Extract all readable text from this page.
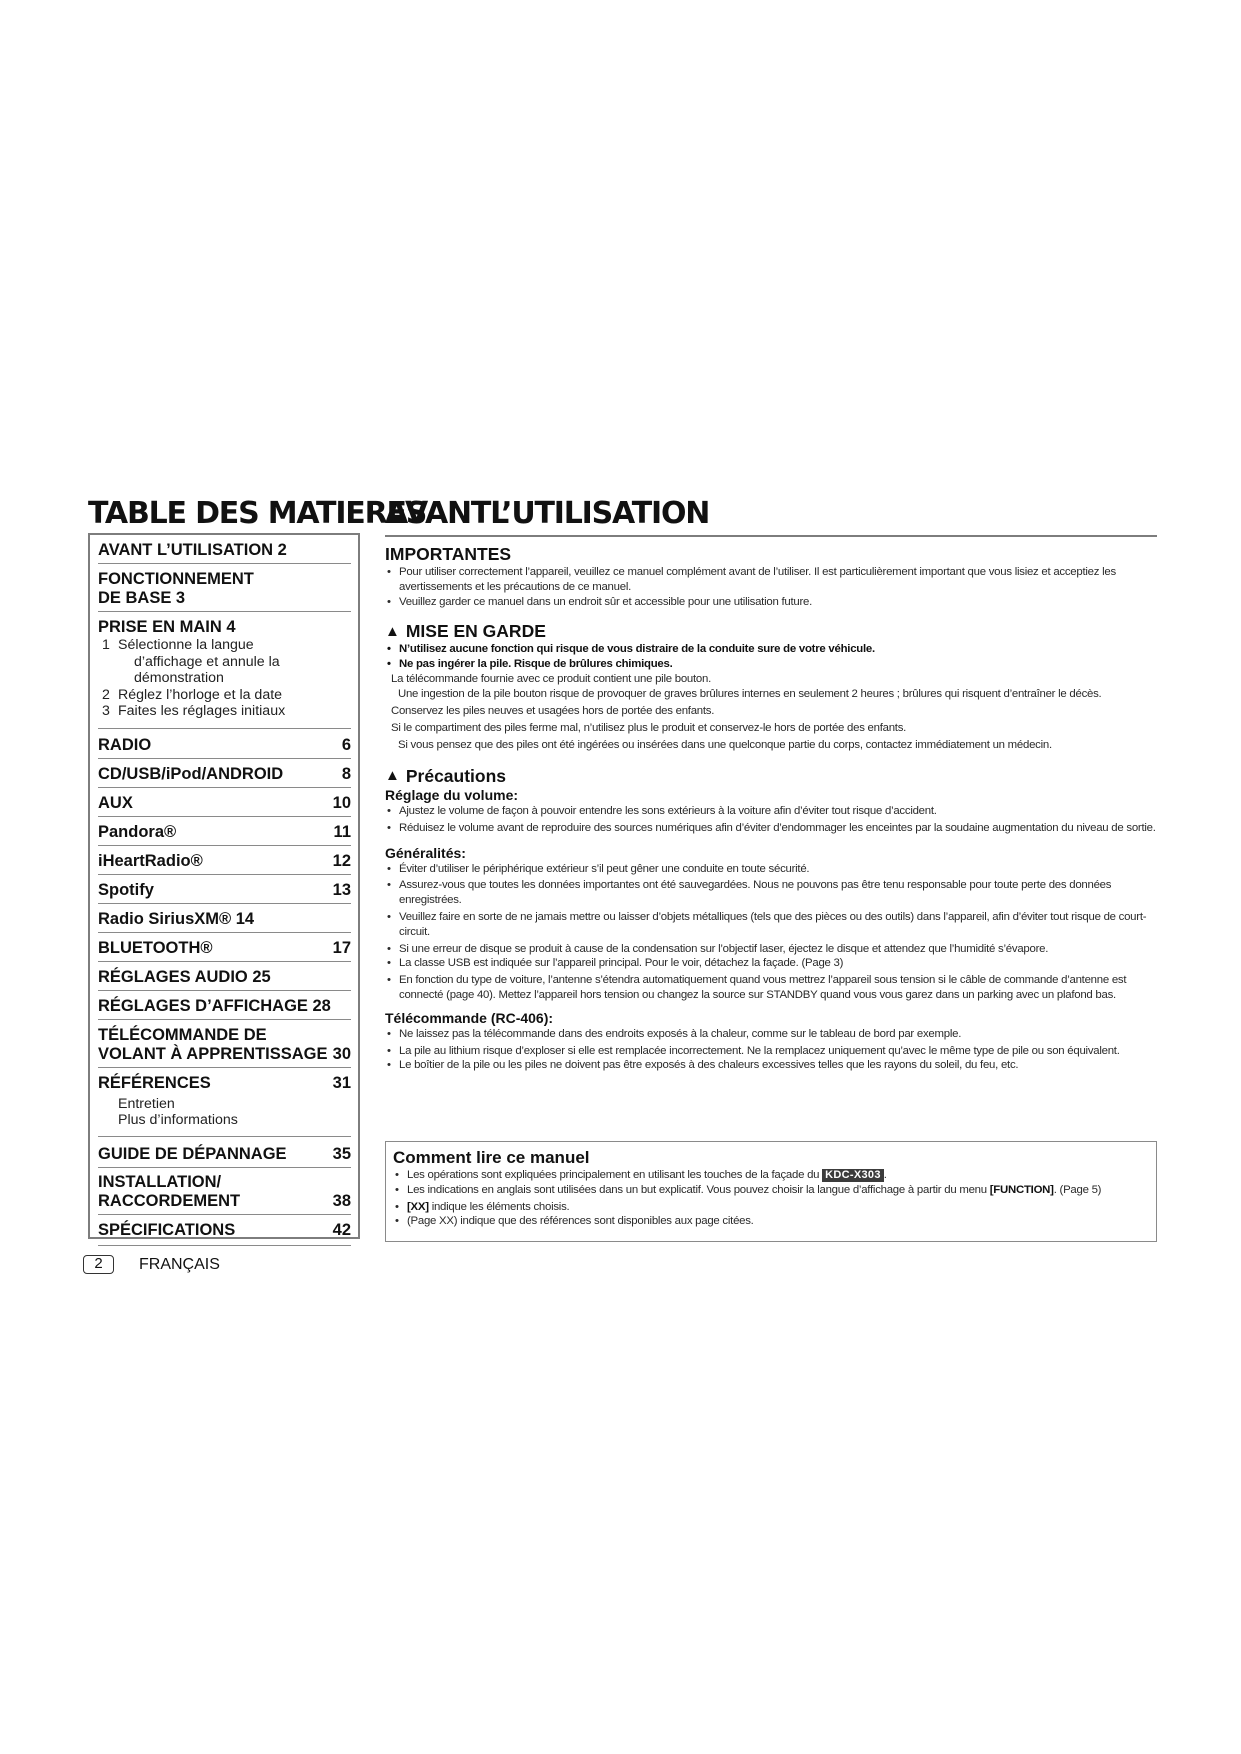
TABLE DES MATIERES
AVANT L’UTILISATION 2
FONCTIONNEMENT
DE BASE 3
PRISE EN MAIN 4
1 Sélectionne la langue
d’affichage et annule la
démonstration
2 Réglez l’horloge et la date
3 Faites les réglages initiaux
RADIO	6
CD/USB/iPod/ANDROID	8
AUX	10
Pandora®	11
iHeartRadio®	12
Spotify	13
Radio SiriusXM® 14
BLUETOOTH®	17
RÉGLAGES AUDIO 25
RÉGLAGES D’AFFICHAGE 28
TÉLÉCOMMANDE DE
VOLANT À APPRENTISSAGE 30
RÉFÉRENCES	31
Entretien
Plus d’informations
GUIDE DE DÉPANNAGE	35
INSTALLATION/
RACCORDEMENT	38
SPÉCIFICATIONS	42
2	FRANÇAIS
AVANTL’UTILISATION
IMPORTANTES
• Pour utiliser correctement l’appareil, veuillez ce manuel complément avant de l’utiliser. Il est particulièrement important que vous lisiez et acceptiez les avertissements et les précautions de ce manuel.
• Veuillez garder ce manuel dans un endroit sûr et accessible pour une utilisation future.
▲ MISE EN GARDE
• N’utilisez aucune fonction qui risque de vous distraire de la conduite sure de votre véhicule.
• Ne pas ingérer la pile. Risque de brûlures chimiques.
La télécommande fournie avec ce produit contient une pile bouton.
Une ingestion de la pile bouton risque de provoquer de graves brûlures internes en seulement 2 heures ; brûlures qui risquent d’entraîner le décès.
Conservez les piles neuves et usagées hors de portée des enfants.
Si le compartiment des piles ferme mal, n’utilisez plus le produit et conservez-le hors de portée des enfants.
Si vous pensez que des piles ont été ingérées ou insérées dans une quelconque partie du corps, contactez immédiatement un médecin.
▲ Précautions
Réglage du volume:
• Ajustez le volume de façon à pouvoir entendre les sons extérieurs à la voiture afin d’éviter tout risque d’accident.
• Réduisez le volume avant de reproduire des sources numériques afin d’éviter d’endommager les enceintes par la soudaine augmentation du niveau de sortie.
Généralités:
• Éviter d’utiliser le périphérique extérieur s’il peut gêner une conduite en toute sécurité.
• Assurez-vous que toutes les données importantes ont été sauvegardées. Nous ne pouvons pas être tenu responsable pour toute perte des données enregistrées.
• Veuillez faire en sorte de ne jamais mettre ou laisser d’objets métalliques (tels que des pièces ou des outils) dans l’appareil, afin d’éviter tout risque de court-circuit.
• Si une erreur de disque se produit à cause de la condensation sur l’objectif laser, éjectez le disque et attendez que l’humidité s’évapore.
• La classe USB est indiquée sur l’appareil principal. Pour le voir, détachez la façade. (Page 3)
• En fonction du type de voiture, l’antenne s’étendra automatiquement quand vous mettrez l’appareil sous tension si le câble de commande d’antenne est connecté (page 40). Mettez l’appareil hors tension ou changez la source sur STANDBY quand vous vous garez dans un parking avec un plafond bas.
Télécommande (RC-406):
• Ne laissez pas la télécommande dans des endroits exposés à la chaleur, comme sur le tableau de bord par exemple.
• La pile au lithium risque d’exploser si elle est remplacée incorrectement. Ne la remplacez uniquement qu’avec le même type de pile ou son équivalent.
• Le boîtier de la pile ou les piles ne doivent pas être exposés à des chaleurs excessives telles que les rayons du soleil, du feu, etc.
Comment lire ce manuel
• Les opérations sont expliquées principalement en utilisant les touches de la façade du KDC-X303 .
• Les indications en anglais sont utilisées dans un but explicatif. Vous pouvez choisir la langue d’affichage à partir du menu [FUNCTION]. (Page 5)
• [XX] indique les éléments choisis.
• (Page XX) indique que des références sont disponibles aux page citées.
